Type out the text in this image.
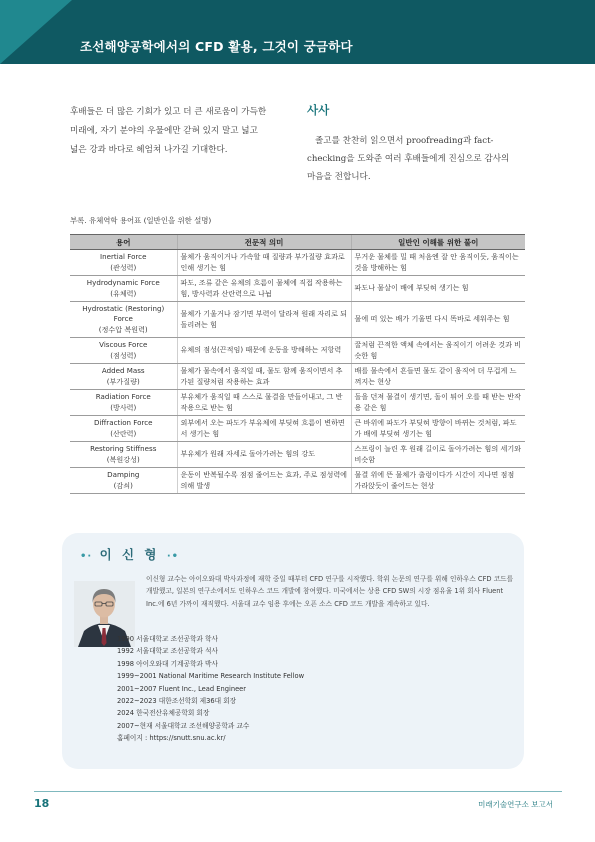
조선해양공학에서의 CFD 활용, 그것이 궁금하다
후배들은 더 많은 기회가 있고 더 큰 새로움이 가득한
미래에, 자기 분야의 우물에만 갇혀 있지 말고 넓고
넓은 강과 바다로 헤엄쳐 나가길 기대한다.
사사
졸고를 찬찬히 읽으면서 proofreading과 fact-
checking을 도와준 여러 후배들에게 진심으로 감사의
마음을 전합니다.
부록. 유체역학 용어표 (일반인을 위한 설명)
용어	전문적 의미	일반인 이해를 위한 풀이

Inertial Force
(관성력)	물체가 움직이거나 가속할 때 질량과 부가질량 효과로 인해 생기는 힘	무거운 물체를 밀 때 처음엔 잘 안 움직이듯, 움직이는 것을 방해하는 힘

Hydrodynamic Force
(유체력)	파도, 조류 같은 유체의 흐름이 물체에 직접 작용하는 힘, 방사력과 산란력으로 나뉨	파도나 물살이 배에 부딪혀 생기는 힘

Hydrostatic (Restoring) Force
(정수압 복원력)	물체가 기울거나 잠기면 부력이 달라져 원래 자리로 되돌리려는 힘	물에 떠 있는 배가 기울면 다시 똑바로 세워주는 힘

Viscous Force
(점성력)	유체의 점성(끈적임) 때문에 운동을 방해하는 저항력	꿀처럼 끈적한 액체 속에서는 움직이기 어려운 것과 비슷한 힘

Added Mass
(부가질량)	물체가 물속에서 움직일 때, 물도 함께 움직이면서 추가된 질량처럼 작용하는 효과	배를 물속에서 흔들면 물도 같이 움직여 더 무겁게 느껴지는 현상

Radiation Force
(방사력)	부유체가 움직일 때 스스로 물결을 만들어내고, 그 반작용으로 받는 힘	돌을 던져 물결이 생기면, 돌이 튀어 오를 때 받는 반작용 같은 힘

Diffraction Force
(산란력)	외부에서 오는 파도가 부유체에 부딪혀 흐름이 변하면서 생기는 힘	큰 바위에 파도가 부딪혀 방향이 바뀌는 것처럼, 파도가 배에 부딪혀 생기는 힘

Restoring Stiffness
(복원강성)	부유체가 원래 자세로 돌아가려는 힘의 강도	스프링이 늘린 후 원래 길이로 돌아가려는 힘의 세기와 비슷함

Damping
(감쇠)	운동이 반복될수록 점점 줄어드는 효과, 주로 점성력에 의해 발생	물결 위에 뜬 물체가 출렁이다가 시간이 지나면 점점 가라앉듯이 줄어드는 현상
•· 이 신 형 ·•
이신형 교수는 아이오와대 박사과정에 재학 중일 때부터 CFD 연구를 시작했다. 학위 논문의 연구를 위해 인하우스 CFD 코드를 개발했고, 일본의 연구소에서도 인하우스 코드 개발에 참여했다. 미국에서는 상용 CFD SW의 시장 점유율 1위 회사 Fluent Inc.에 6년 가까이 재직했다. 서울대 교수 임용 후에는 오픈 소스 CFD 코드 개발을 계속하고 있다.
1990 서울대학교 조선공학과 학사
1992 서울대학교 조선공학과 석사
1998 아이오와대 기계공학과 박사
1999~2001 National Maritime Research Institute Fellow
2001~2007 Fluent Inc., Lead Engineer
2022~2023 대한조선학회 제36대 회장
2024 한국전산유체공학회 회장
2007~현재 서울대학교 조선해양공학과 교수
홈페이지 : https://snutt.snu.ac.kr/
18	미래기술연구소 보고서
